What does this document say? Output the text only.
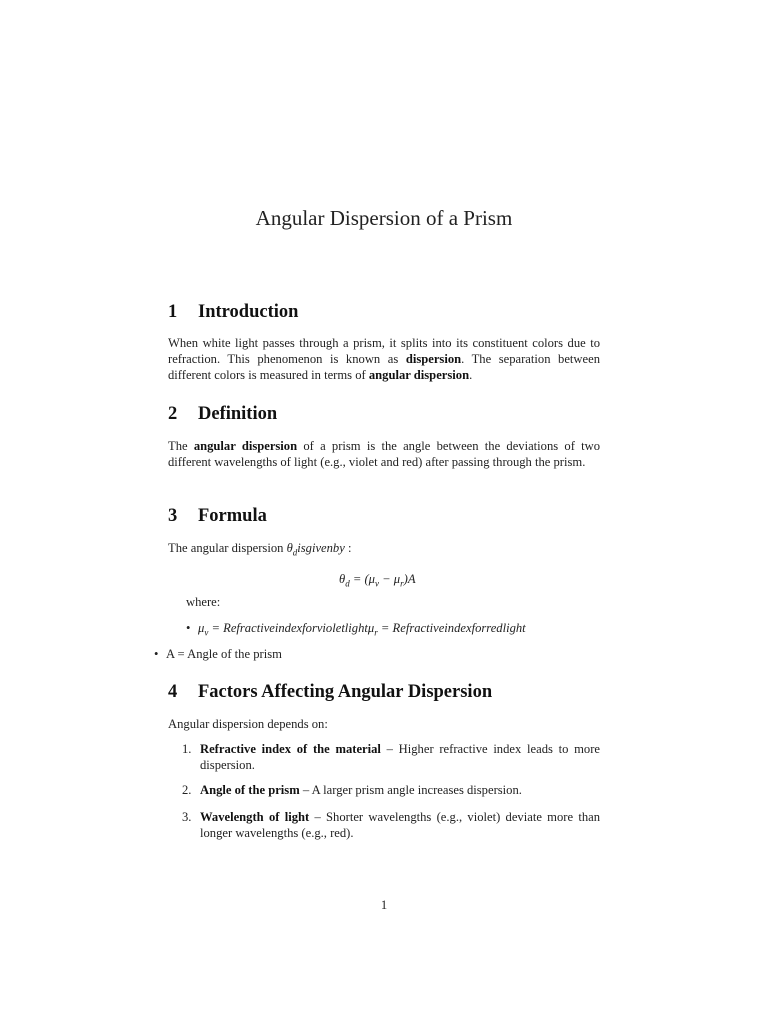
Angular Dispersion of a Prism
1 Introduction
When white light passes through a prism, it splits into its constituent colors due to refraction. This phenomenon is known as dispersion. The separation between different colors is measured in terms of angular dispersion.
2 Definition
The angular dispersion of a prism is the angle between the deviations of two different wavelengths of light (e.g., violet and red) after passing through the prism.
3 Formula
The angular dispersion $\theta_disgivenby$ :
$\theta_d = (\mu_v - \mu_r)A$
where:
• $\mu_v$ = Refractiveindexforvioletlightμ$_r$ = Refractiveindexforredlight
• A = Angle of the prism
4 Factors Affecting Angular Dispersion
Angular dispersion depends on:
1. Refractive index of the material – Higher refractive index leads to more dispersion.
2. Angle of the prism – A larger prism angle increases dispersion.
3. Wavelength of light – Shorter wavelengths (e.g., violet) deviate more than longer wavelengths (e.g., red).
1
